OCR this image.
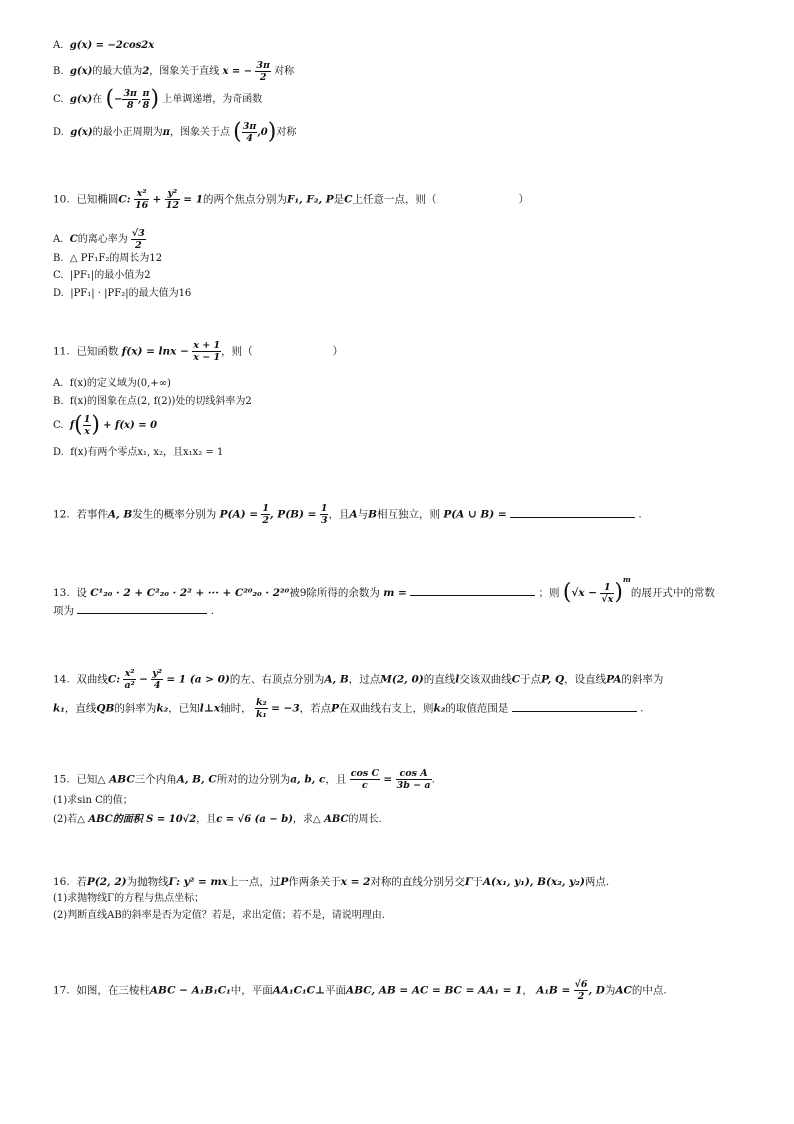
A. g(x) = −2cos2x
B. g(x)的最大值为2，图象关于直线 x = − $\frac{3\pi}{2}$ 对称
C. g(x)在 (− $\frac{3\pi}{8}$ , $\frac{\pi}{8}$ ) 上单调递增，为奇函数
D. g(x)的最小正周期为π，图象关于点 ( $\frac{3\pi}{4} ,0$)对称
10. 已知椭圆C: $\frac{\text{x²}}{16} + \frac{\text{y²}}{12} = 1$的两个焦点分别为F₁, F₂, P是C上任意一点，则（	）
A. C的离心率为 $\frac{√3}{2}$
B. △ PF₁F₂的周长为12
C. |PF₁|的最小值为2
D. |PF₁| · |PF₂|的最大值为16
11. 已知函数 $f(x) = \ln x - \frac{x + 1}{x - 1}$ ，则（	）
A. f(x)的定义域为(0,+∞)
B. f(x)的图象在点(2, f(2))处的切线斜率为2
C. $f( \frac{1}{x}$ ) + f(x) = 0
D. f(x)有两个零点x₁, x₂，且x₁x₂ = 1
12. 若事件A, B发生的概率分别为 $P(A) = \frac{1}{2}$ , $P(B) = \frac{1}{3}$ ，且A与B相互独立，则 P(A ∪ B) =	.
13. 设 C¹₂₀ · 2 + C²₂₀ · 2² + ··· + C²⁰₂₀ · 2²⁰被9除所得的余数为 m =	；则 $(√x - \frac{1}{√x} )^m$的展开式中的常数
项为	.
14. 双曲线C: $\frac{\text{x²}}{\text{a²}} - \frac{\text{y²}}{4} = 1$ (a > 0)的左、右顶点分别为A, B，过点M(2, 0)的直线l交该双曲线C于点P, Q，设直线PA的斜率为
k₁，直线QB的斜率为k₂，已知l⊥x轴时， $\frac{\text{k₂}}{\text{k₁}} = -3$，若点P在双曲线右支上，则k₂的取值范围是	.
15. 已知△ ABC三个内角A, B, C所对的边分别为a, b, c，且 $\frac{\text{cos C}}{c} = \frac{\text{cos A}}{3b - a}$ .
(1)求sin C的值；
(2)若△ ABC的面积 S = 10√2，且c = √6 (a − b)，求△ ABC的周长.
16. 若P(2, 2)为抛物线Γ: y² = mx上一点，过P作两条关于x = 2对称的直线分别另交Γ于A(x₁, y₁), B(x₂, y₂)两点.
(1)求抛物线Γ的方程与焦点坐标；
(2)判断直线AB的斜率是否为定值？若是，求出定值；若不是，请说明理由.
17. 如图，在三棱柱ABC − A₁B₁C₁中，平面AA₁C₁C⊥平面ABC, AB = AC = BC = AA₁ = 1， $A_1B = \frac{√6}{2}$ , D为AC的中点.
